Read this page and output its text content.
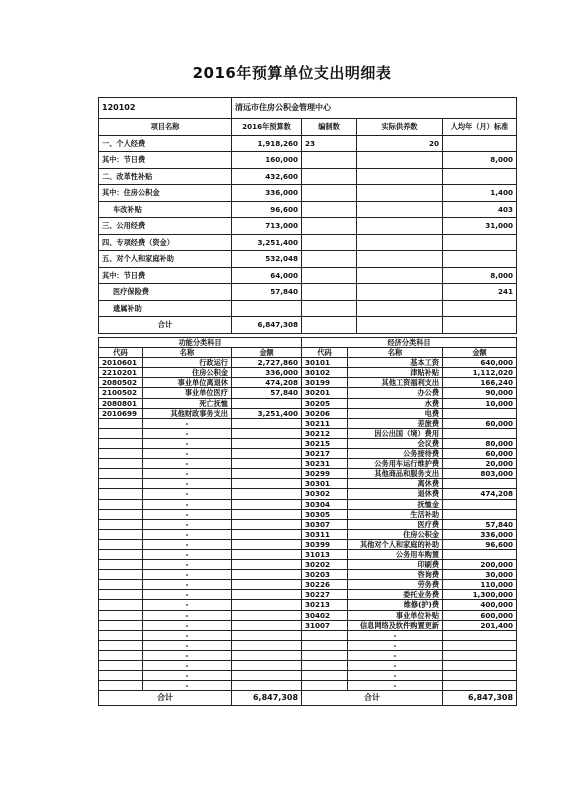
2016年预算单位支出明细表
120102	清远市住房公积金管理中心			
项目名称	2016年预算数	编制数	实际供养数	人均年（月）标准
一、个人经费	1,918,260	23	20	
其中：节日费	160,000			8,000
二、改革性补贴	432,600			
其中：住房公积金	336,000			1,400
车改补贴	96,600			403
三、公用经费	713,000			31,000
四、专项经费（资金）	3,251,400			
五、对个人和家庭补助	532,048			
其中：节日费	64,000			8,000
医疗保险费	57,840			241
遗属补助				
合计	6,847,308			
功能分类科目			经济分类科目		
代码	名称	金额	代码	名称	金额
2010601	行政运行	2,727,860	30101	基本工资	640,000
2210201	住房公积金	336,000	30102	津贴补贴	1,112,020
2080502	事业单位离退休	474,208	30199	其他工资福利支出	166,240
2100502	事业单位医疗	57,840	30201	办公费	90,000
2080801	死亡抚恤		30205	水费	10,000
2010699	其他财政事务支出	3,251,400	30206	电费	
	-		30211	差旅费	60,000
	-		30212	因公出国（境）费用	
	-		30215	会议费	80,000
	-		30217	公务接待费	60,000
	-		30231	公务用车运行维护费	20,000
	-		30299	其他商品和服务支出	803,000
	-		30301	离休费	
	-		30302	退休费	474,208
	-		30304	抚恤金	
	-		30305	生活补助	
	-		30307	医疗费	57,840
	-		30311	住房公积金	336,000
	-		30399	其他对个人和家庭的补助	96,600
	-		31013	公务用车购置	
	-		30202	印刷费	200,000
	-		30203	咨询费	30,000
	-		30226	劳务费	110,000
	-		30227	委托业务费	1,300,000
	-		30213	维修(护)费	400,000
	-		30402	事业单位补贴	600,000
	-		31007	信息网络及软件购置更新	201,400
	-			-	
	-			-	
	-			-	
	-			-	
	-			-	
	-			-	
合计		6,847,308	合计		6,847,308
